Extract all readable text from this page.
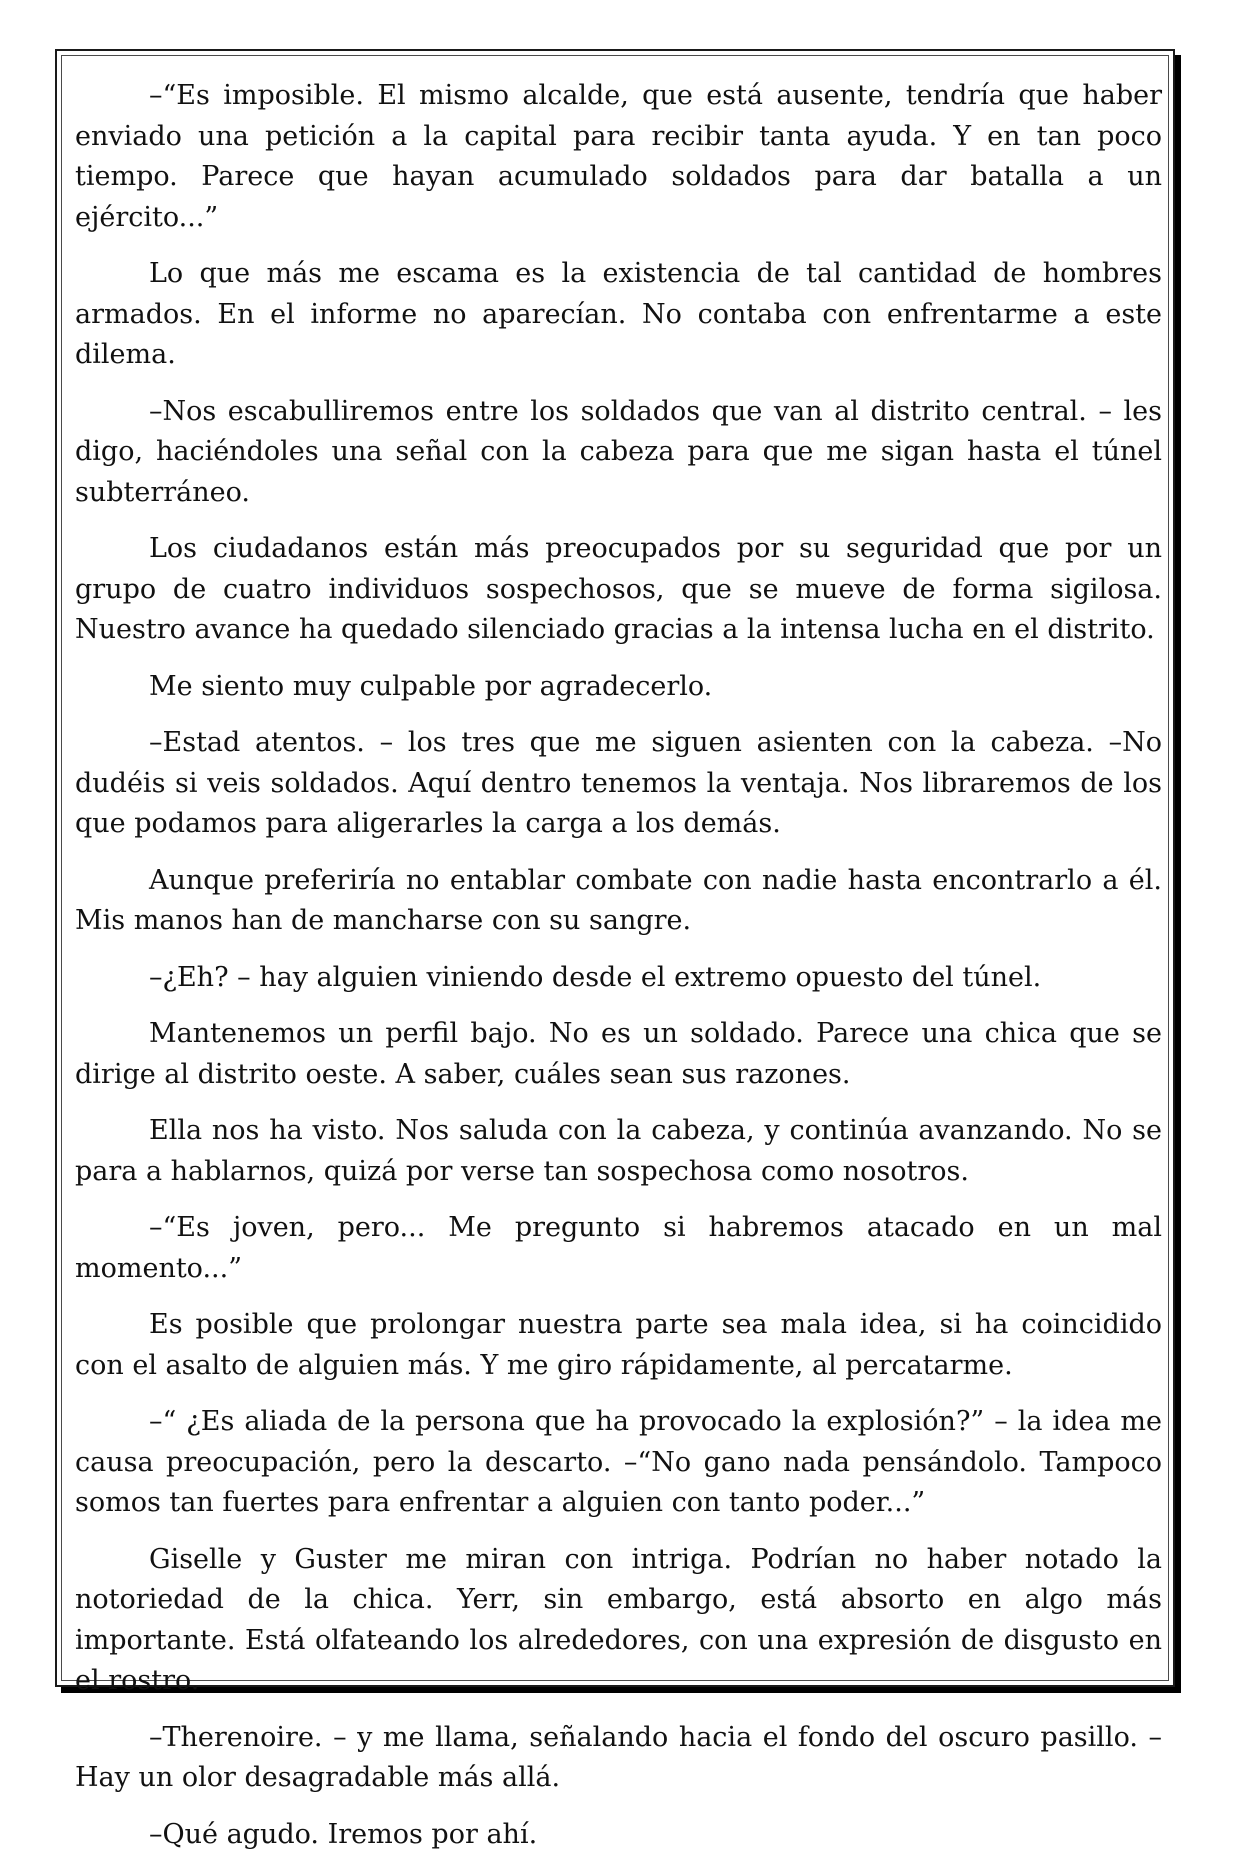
–“Es imposible. El mismo alcalde, que está ausente, tendría que haber enviado una petición a la capital para recibir tanta ayuda. Y en tan poco tiempo. Parece que hayan acumulado soldados para dar batalla a un ejército...”

Lo que más me escama es la existencia de tal cantidad de hombres armados. En el informe no aparecían. No contaba con enfrentarme a este dilema.

–Nos escabulliremos entre los soldados que van al distrito central. – les digo, haciéndoles una señal con la cabeza para que me sigan hasta el túnel subterráneo.

Los ciudadanos están más preocupados por su seguridad que por un grupo de cuatro individuos sospechosos, que se mueve de forma sigilosa. Nuestro avance ha quedado silenciado gracias a la intensa lucha en el distrito.

Me siento muy culpable por agradecerlo.

–Estad atentos. – los tres que me siguen asienten con la cabeza. –No dudéis si veis soldados. Aquí dentro tenemos la ventaja. Nos libraremos de los que podamos para aligerarles la carga a los demás.

Aunque preferiría no entablar combate con nadie hasta encontrarlo a él. Mis manos han de mancharse con su sangre.

–¿Eh? – hay alguien viniendo desde el extremo opuesto del túnel.

Mantenemos un perfil bajo. No es un soldado. Parece una chica que se dirige al distrito oeste. A saber, cuáles sean sus razones.

Ella nos ha visto. Nos saluda con la cabeza, y continúa avanzando. No se para a hablarnos, quizá por verse tan sospechosa como nosotros.

–“Es joven, pero... Me pregunto si habremos atacado en un mal momento...”

Es posible que prolongar nuestra parte sea mala idea, si ha coincidido con el asalto de alguien más. Y me giro rápidamente, al percatarme.

–“ ¿Es aliada de la persona que ha provocado la explosión?” – la idea me causa preocupación, pero la descarto. –“No gano nada pensándolo. Tampoco somos tan fuertes para enfrentar a alguien con tanto poder...”

Giselle y Guster me miran con intriga. Podrían no haber notado la notoriedad de la chica. Yerr, sin embargo, está absorto en algo más importante. Está olfateando los alrededores, con una expresión de disgusto en el rostro.

–Therenoire. – y me llama, señalando hacia el fondo del oscuro pasillo. –Hay un olor desagradable más allá.

–Qué agudo. Iremos por ahí.
